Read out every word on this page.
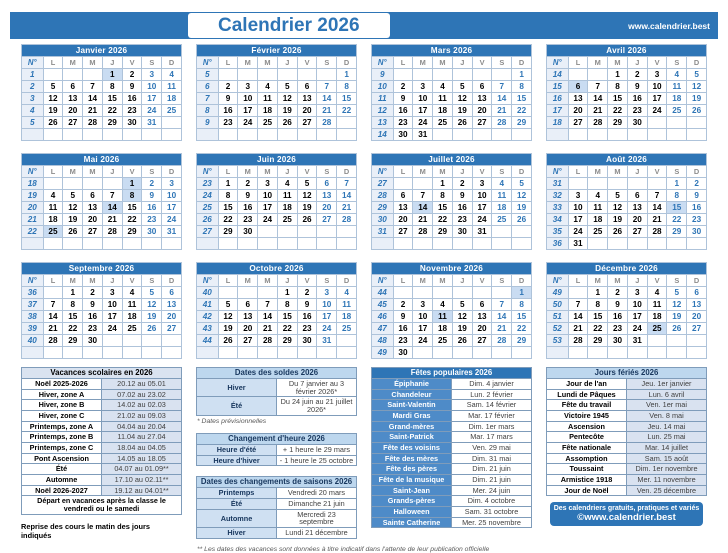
Calendrier 2026	www.calendrier.best
Janvier 2026							
N°	L	M	M	J	V	S	D
1				1	2	3	4
2	5	6	7	8	9	10	11
3	12	13	14	15	16	17	18
4	19	20	21	22	23	24	25
5	26	27	28	29	30	31	

Février 2026							
N°	L	M	M	J	V	S	D
5							1
6	2	3	4	5	6	7	8
7	9	10	11	12	13	14	15
8	16	17	18	19	20	21	22
9	23	24	25	26	27	28	

Mars 2026							
N°	L	M	M	J	V	S	D
9							1
10	2	3	4	5	6	7	8
11	9	10	11	12	13	14	15
12	16	17	18	19	20	21	22
13	23	24	25	26	27	28	29
14	30	31					
Avril 2026							
N°	L	M	M	J	V	S	D
14			1	2	3	4	5
15	6	7	8	9	10	11	12
16	13	14	15	16	17	18	19
17	20	21	22	23	24	25	26
18	27	28	29	30			

Mai 2026							
N°	L	M	M	J	V	S	D
18					1	2	3
19	4	5	6	7	8	9	10
20	11	12	13	14	15	16	17
21	18	19	20	21	22	23	24
22	25	26	27	28	29	30	31

Juin 2026							
N°	L	M	M	J	V	S	D
23	1	2	3	4	5	6	7
24	8	9	10	11	12	13	14
25	15	16	17	18	19	20	21
26	22	23	24	25	26	27	28
27	29	30					

Juillet 2026							
N°	L	M	M	J	V	S	D
27			1	2	3	4	5
28	6	7	8	9	10	11	12
29	13	14	15	16	17	18	19
30	20	21	22	23	24	25	26
31	27	28	29	30	31		

Août 2026							
N°	L	M	M	J	V	S	D
31						1	2
32	3	4	5	6	7	8	9
33	10	11	12	13	14	15	16
34	17	18	19	20	21	22	23
35	24	25	26	27	28	29	30
36	31						
Septembre 2026							
N°	L	M	M	J	V	S	D
36		1	2	3	4	5	6
37	7	8	9	10	11	12	13
38	14	15	16	17	18	19	20
39	21	22	23	24	25	26	27
40	28	29	30				

Octobre 2026							
N°	L	M	M	J	V	S	D
40				1	2	3	4
41	5	6	7	8	9	10	11
42	12	13	14	15	16	17	18
43	19	20	21	22	23	24	25
44	26	27	28	29	30	31	

Novembre 2026							
N°	L	M	M	J	V	S	D
44							1
45	2	3	4	5	6	7	8
46	9	10	11	12	13	14	15
47	16	17	18	19	20	21	22
48	23	24	25	26	27	28	29
49	30						
Décembre 2026							
N°	L	M	M	J	V	S	D
49		1	2	3	4	5	6
50	7	8	9	10	11	12	13
51	14	15	16	17	18	19	20
52	21	22	23	24	25	26	27
53	28	29	30	31			

Vacances scolaires en 2026	
Noël 2025-2026	20.12 au 05.01
Hiver, zone A	07.02 au 23.02
Hiver, zone B	14.02 au 02.03
Hiver, zone C	21.02 au 09.03
Printemps, zone A	04.04 au 20.04
Printemps, zone B	11.04 au 27.04
Printemps, zone C	18.04 au 04.05
Pont Ascension	14.05 au 18.05
Été	04.07 au 01.09**
Automne	17.10 au 02.11**
Noël 2026-2027	19.12 au 04.01**
Départ en vacances après la classe le vendredi ou le samedi	
Reprise des cours le matin des jours indiqués
Dates des soldes 2026	
Hiver	Du 7 janvier au 3 février 2026*
Été	Du 24 juin au 21 juillet 2026*
* Dates prévisionnelles
Changement d'heure 2026	
Heure d'été	+ 1 heure le 29 mars
Heure d'hiver	- 1 heure le 25 octobre
Dates des changements de saisons 2026	
Printemps	Vendredi 20 mars
Été	Dimanche 21 juin
Automne	Mercredi 23 septembre
Hiver	Lundi 21 décembre
Fêtes populaires 2026	
Épiphanie	Dim. 4 janvier
Chandeleur	Lun. 2 février
Saint-Valentin	Sam. 14 février
Mardi Gras	Mar. 17 février
Grand-mères	Dim. 1er mars
Saint-Patrick	Mar. 17 mars
Fête des voisins	Ven. 29 mai
Fête des mères	Dim. 31 mai
Fête des pères	Dim. 21 juin
Fête de la musique	Dim. 21 juin
Saint-Jean	Mer. 24 juin
Grands-pères	Dim. 4 octobre
Halloween	Sam. 31 octobre
Sainte Catherine	Mer. 25 novembre
Jours fériés 2026	
Jour de l'an	Jeu. 1er janvier
Lundi de Pâques	Lun. 6 avril
Fête du travail	Ven. 1er mai
Victoire 1945	Ven. 8 mai
Ascension	Jeu. 14 mai
Pentecôte	Lun. 25 mai
Fête nationale	Mar. 14 juillet
Assomption	Sam. 15 août
Toussaint	Dim. 1er novembre
Armistice 1918	Mer. 11 novembre
Jour de Noël	Ven. 25 décembre
Des calendriers gratuits, pratiques et variés
©www.calendrier.best
** Les dates des vacances sont données à titre indicatif dans l'attente de leur publication officielle
